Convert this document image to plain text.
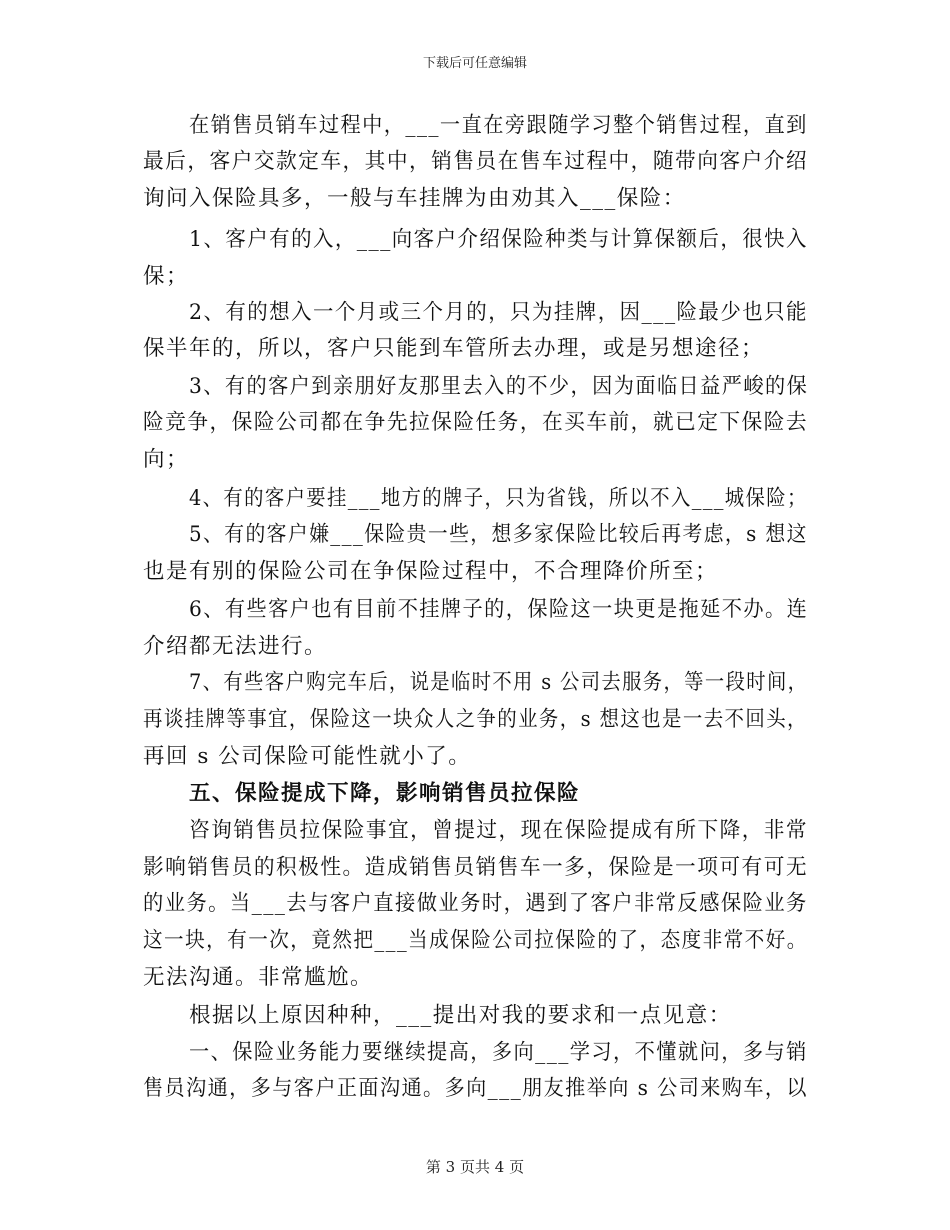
下载后可任意编辑
在销售员销车过程中，___一直在旁跟随学习整个销售过程，直到
最后，客户交款定车，其中，销售员在售车过程中，随带向客户介绍
询问入保险具多，一般与车挂牌为由劝其入___保险：
1、客户有的入，___向客户介绍保险种类与计算保额后，很快入
保；
2、有的想入一个月或三个月的，只为挂牌，因___险最少也只能
保半年的，所以，客户只能到车管所去办理，或是另想途径；
3、有的客户到亲朋好友那里去入的不少，因为面临日益严峻的保
险竞争，保险公司都在争先拉保险任务，在买车前，就已定下保险去
向；
4、有的客户要挂___地方的牌子，只为省钱，所以不入___城保险；
5、有的客户嫌___保险贵一些，想多家保险比较后再考虑，s 想这
也是有别的保险公司在争保险过程中，不合理降价所至；
6、有些客户也有目前不挂牌子的，保险这一块更是拖延不办。连
介绍都无法进行。
7、有些客户购完车后，说是临时不用 s 公司去服务，等一段时间，
再谈挂牌等事宜，保险这一块众人之争的业务，s 想这也是一去不回头，
再回 s 公司保险可能性就小了。
五、保险提成下降，影响销售员拉保险
咨询销售员拉保险事宜，曾提过，现在保险提成有所下降，非常
影响销售员的积极性。造成销售员销售车一多，保险是一项可有可无
的业务。当___去与客户直接做业务时，遇到了客户非常反感保险业务
这一块，有一次，竟然把___当成保险公司拉保险的了，态度非常不好。
无法沟通。非常尴尬。
根据以上原因种种，___提出对我的要求和一点见意：
一、保险业务能力要继续提高，多向___学习，不懂就问，多与销
售员沟通，多与客户正面沟通。多向___朋友推举向 s 公司来购车，以
第 3 页共 4 页
